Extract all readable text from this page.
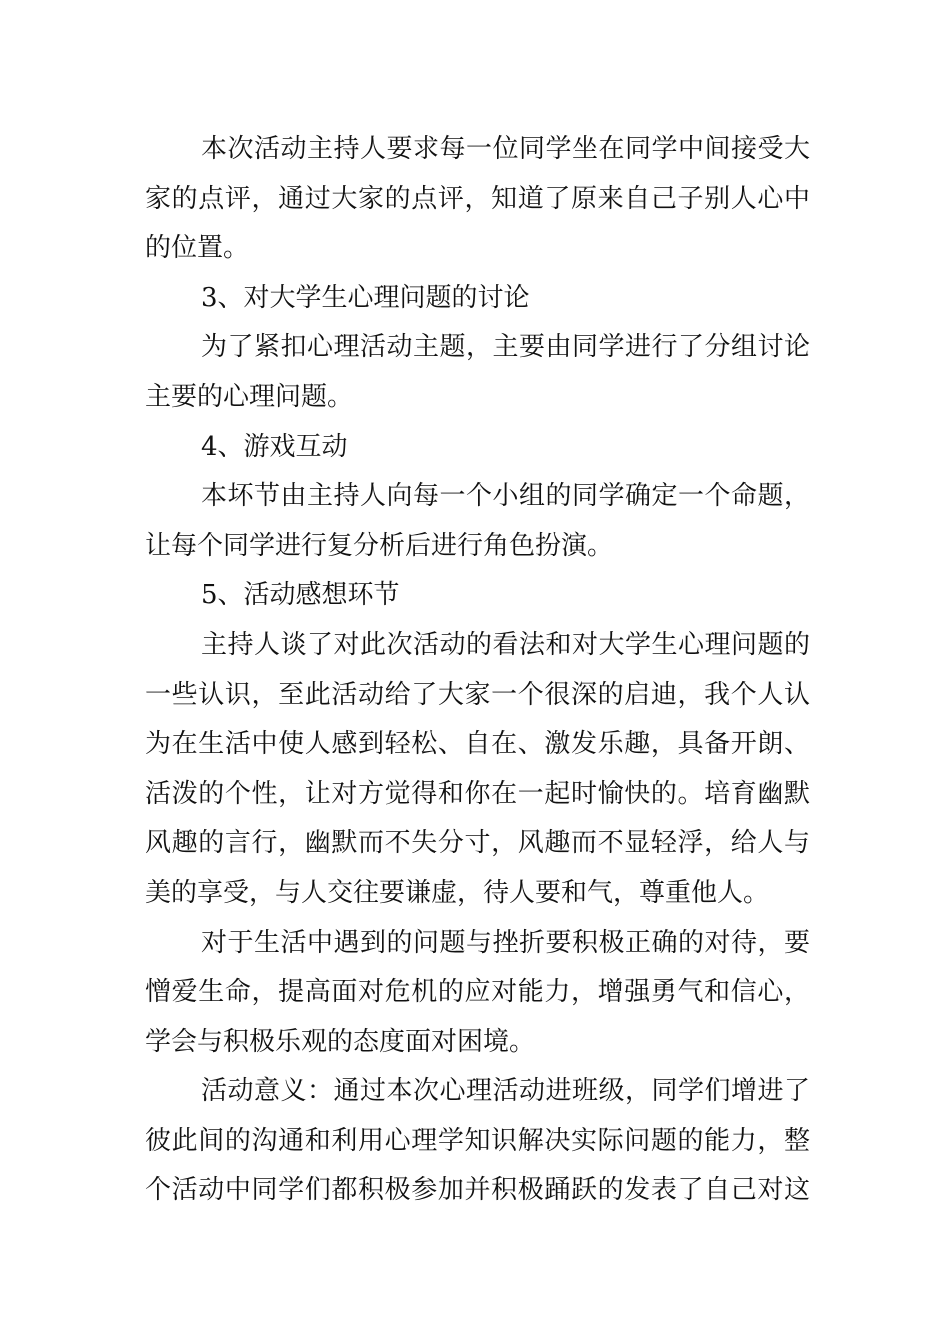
本次活动主持人要求每一位同学坐在同学中间接受大
家的点评，通过大家的点评，知道了原来自己子别人心中
的位置。
3、对大学生心理问题的讨论
为了紧扣心理活动主题，主要由同学进行了分组讨论
主要的心理问题。
4、游戏互动
本坏节由主持人向每一个小组的同学确定一个命题，
让每个同学进行复分析后进行角色扮演。
5、活动感想环节
主持人谈了对此次活动的看法和对大学生心理问题的
一些认识，至此活动给了大家一个很深的启迪，我个人认
为在生活中使人感到轻松、自在、激发乐趣，具备开朗、
活泼的个性，让对方觉得和你在一起时愉快的。培育幽默
风趣的言行，幽默而不失分寸，风趣而不显轻浮，给人与
美的享受，与人交往要谦虚，待人要和气，尊重他人。
对于生活中遇到的问题与挫折要积极正确的对待，要
憎爱生命，提高面对危机的应对能力，增强勇气和信心，
学会与积极乐观的态度面对困境。
活动意义：通过本次心理活动进班级，同学们增进了
彼此间的沟通和利用心理学知识解决实际问题的能力，整
个活动中同学们都积极参加并积极踊跃的发表了自己对这
